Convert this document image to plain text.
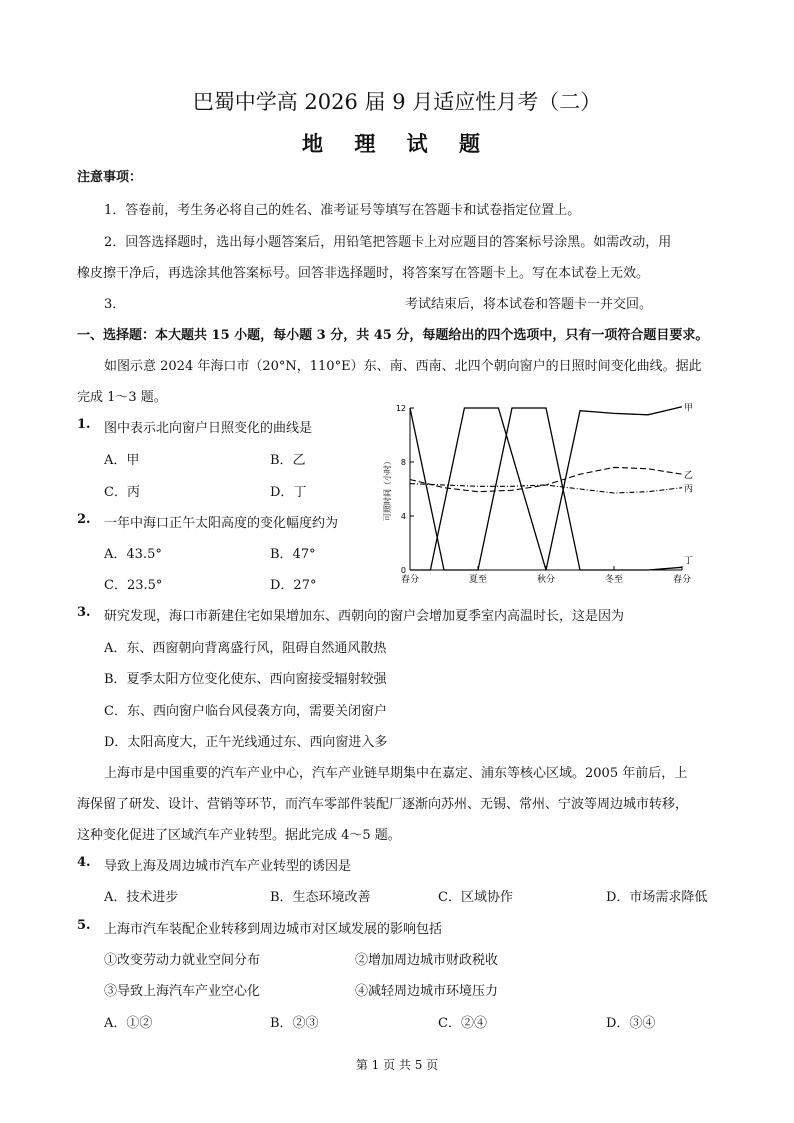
巴蜀中学高 2026 届 9 月适应性月考（二）
地 理 试 题
注意事项：
1．答卷前，考生务必将自己的姓名、准考证号等填写在答题卡和试卷指定位置上。
2．回答选择题时，选出每小题答案后，用铅笔把答题卡上对应题目的答案标号涂黑。如需改动，用
橡皮擦干净后，再选涂其他答案标号。回答非选择题时，将答案写在答题卡上。写在本试卷上无效。
3．	考试结束后，将本试卷和答题卡一并交回。
一、选择题：本大题共 15 小题，每小题 3 分，共 45 分，每题给出的四个选项中，只有一项符合题目要求。
如图示意 2024 年海口市（20°N，110°E）东、南、西南、北四个朝向窗户的日照时间变化曲线。据此
完成 1～3 题。
1. 图中表示北向窗户日照变化的曲线是
A．甲	B．乙
C．丙	D．丁
2. 一年中海口正午太阳高度的变化幅度约为
A．43.5°	B．47°
C．23.5°	D．27°
0
4
8
12
春分	夏至	秋分	冬至	春分
可照时间（小时）
甲
乙
丙
丁
3. 研究发现，海口市新建住宅如果增加东、西朝向的窗户会增加夏季室内高温时长，这是因为
A．东、西窗朝向背离盛行风，阻碍自然通风散热
B．夏季太阳方位变化使东、西向窗接受辐射较强
C．东、西向窗户临台风侵袭方向，需要关闭窗户
D．太阳高度大，正午光线通过东、西向窗进入多
上海市是中国重要的汽车产业中心，汽车产业链早期集中在嘉定、浦东等核心区域。2005 年前后，上
海保留了研发、设计、营销等环节，而汽车零部件装配厂逐渐向苏州、无锡、常州、宁波等周边城市转移，
这种变化促进了区域汽车产业转型。据此完成 4～5 题。
4. 导致上海及周边城市汽车产业转型的诱因是
A．技术进步	B．生态环境改善	C．区域协作	D．市场需求降低
5. 上海市汽车装配企业转移到周边城市对区域发展的影响包括
①改变劳动力就业空间分布	②增加周边城市财政税收
③导致上海汽车产业空心化	④减轻周边城市环境压力
A．①②	B．②③	C．②④	D．③④
第 1 页 共 5 页
